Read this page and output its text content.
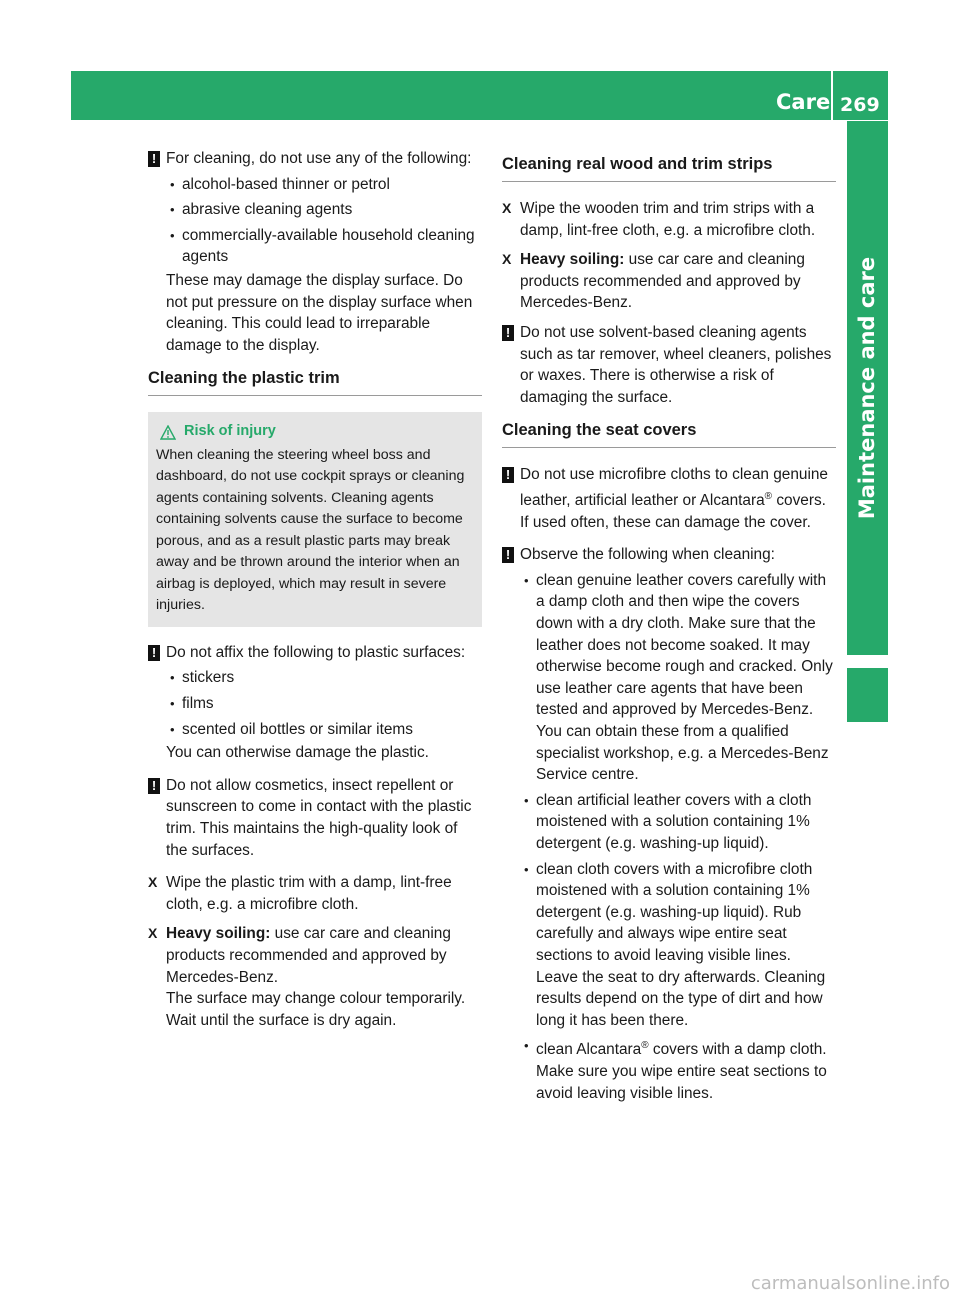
Care 269
Maintenance and care
! For cleaning, do not use any of the following:
• alcohol-based thinner or petrol
• abrasive cleaning agents
• commercially-available household cleaning agents
These may damage the display surface. Do not put pressure on the display surface when cleaning. This could lead to irreparable damage to the display.
Cleaning the plastic trim
Risk of injury
When cleaning the steering wheel boss and dashboard, do not use cockpit sprays or cleaning agents containing solvents. Cleaning agents containing solvents cause the surface to become porous, and as a result plastic parts may break away and be thrown around the interior when an airbag is deployed, which may result in severe injuries.
! Do not affix the following to plastic surfaces:
• stickers
• films
• scented oil bottles or similar items
You can otherwise damage the plastic.
! Do not allow cosmetics, insect repellent or sunscreen to come in contact with the plastic trim. This maintains the high-quality look of the surfaces.
X Wipe the plastic trim with a damp, lint-free cloth, e.g. a microfibre cloth.
X Heavy soiling: use car care and cleaning products recommended and approved by Mercedes-Benz.
The surface may change colour temporarily. Wait until the surface is dry again.
Cleaning real wood and trim strips
X Wipe the wooden trim and trim strips with a damp, lint-free cloth, e.g. a microfibre cloth.
X Heavy soiling: use car care and cleaning products recommended and approved by Mercedes-Benz.
! Do not use solvent-based cleaning agents such as tar remover, wheel cleaners, polishes or waxes. There is otherwise a risk of damaging the surface.
Cleaning the seat covers
! Do not use microfibre cloths to clean genuine leather, artificial leather or Alcantara® covers. If used often, these can damage the cover.
! Observe the following when cleaning:
• clean genuine leather covers carefully with a damp cloth and then wipe the covers down with a dry cloth. Make sure that the leather does not become soaked. It may otherwise become rough and cracked. Only use leather care agents that have been tested and approved by Mercedes-Benz. You can obtain these from a qualified specialist workshop, e.g. a Mercedes-Benz Service centre.
• clean artificial leather covers with a cloth moistened with a solution containing 1% detergent (e.g. washing-up liquid).
• clean cloth covers with a microfibre cloth moistened with a solution containing 1% detergent (e.g. washing-up liquid). Rub carefully and always wipe entire seat sections to avoid leaving visible lines. Leave the seat to dry afterwards. Cleaning results depend on the type of dirt and how long it has been there.
• clean Alcantara® covers with a damp cloth. Make sure you wipe entire seat sections to avoid leaving visible lines.
carmanualsonline.info
